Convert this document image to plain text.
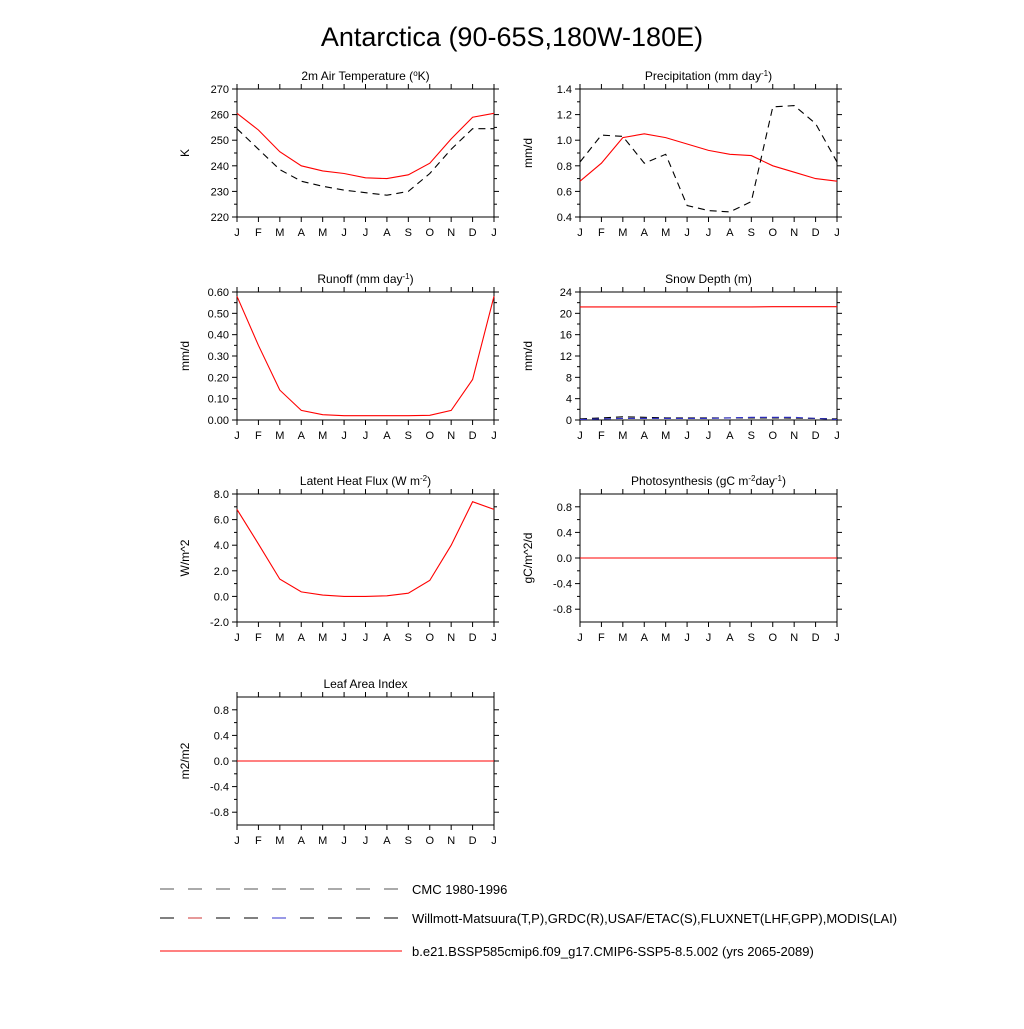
Antarctica (90-65S,180W-180E)
2m Air Temperature ($^o$K)
J F M A M J J A S O N D J
220
230
240
250
260
270
K
Precipitation (mm day$^{-1}$)
J F M A M J J A S O N D J
0.4
0.6
0.8
1.0
1.2
1.4
mm/d
Runoff (mm day$^{-1}$)
J F M A M J J A S O N D J
0.00
0.10
0.20
0.30
0.40
0.50
0.60
mm/d
Snow Depth (m)
J F M A M J J A S O N D J
0
4
8
12
16
20
24
mm/d
Latent Heat Flux (W $m^{-2}$)
J F M A M J J A S O N D J
-2.0
0.0
2.0
4.0
6.0
8.0
W/m^2
Photosynthesis (gC $m^{-2}day^{-1}$)
J F M A M J J A S O N D J
-0.8
-0.4
0.0
0.4
0.8
gC/m^2/d
Leaf Area Index
J F M A M J J A S O N D J
-0.8
-0.4
0.0
0.4
0.8
m2/m2
CMC 1980-1996
Willmott-Matsuura(T,P),GRDC(R),USAF/ETAC(S),FLUXNET(LHF,GPP),MODIS(LAI)
b.e21.BSSP585cmip6.f09_g17.CMIP6-SSP5-8.5.002 (yrs 2065-2089)
